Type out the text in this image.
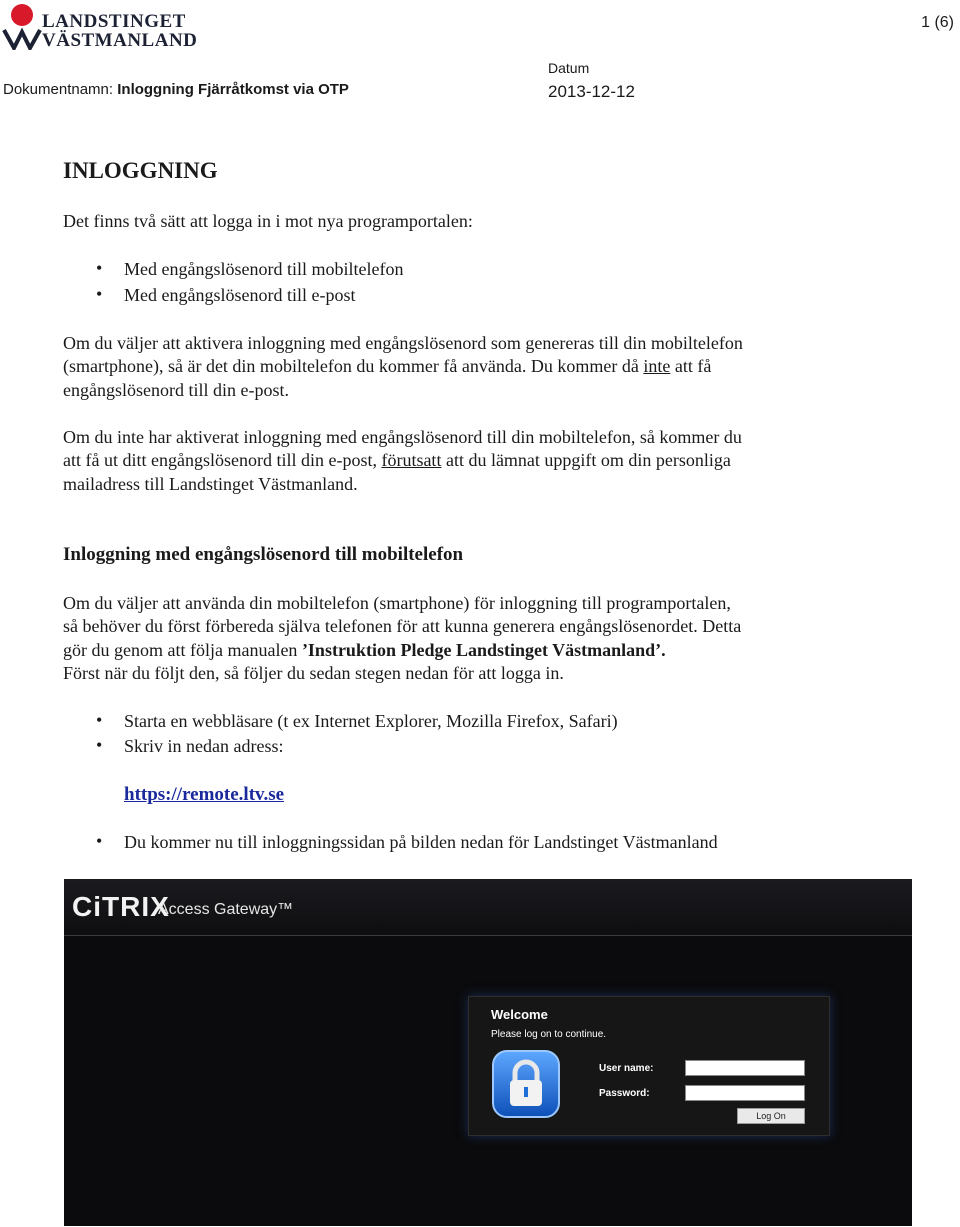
LANDSTINGET
VÄSTMANLAND
1 (6)
Dokumentnamn: Inloggning Fjärråtkomst via OTP
Datum
2013-12-12
INLOGGNING

Det finns två sätt att logga in i mot nya programportalen:

• Med engångslösenord till mobiltelefon
• Med engångslösenord till e-post
Om du väljer att aktivera inloggning med engångslösenord som genereras till din mobiltelefon
(smartphone), så är det din mobiltelefon du kommer få använda. Du kommer då inte att få
engångslösenord till din e-post.
Om du inte har aktiverat inloggning med engångslösenord till din mobiltelefon, så kommer du
att få ut ditt engångslösenord till din e-post, förutsatt att du lämnat uppgift om din personliga
mailadress till Landstinget Västmanland.
Inloggning med engångslösenord till mobiltelefon
Om du väljer att använda din mobiltelefon (smartphone) för inloggning till programportalen,
så behöver du först förbereda själva telefonen för att kunna generera engångslösenordet. Detta
gör du genom att följa manualen ’Instruktion Pledge Landstinget Västmanland’.
Först när du följt den, så följer du sedan stegen nedan för att logga in.
• Starta en webbläsare (t ex Internet Explorer, Mozilla Firefox, Safari)
• Skriv in nedan adress:
https://remote.ltv.se
• Du kommer nu till inloggningssidan på bilden nedan för Landstinget Västmanland
CiTRIX
Access Gateway™
Welcome
Please log on to continue.
User name:
Password:
Log On
